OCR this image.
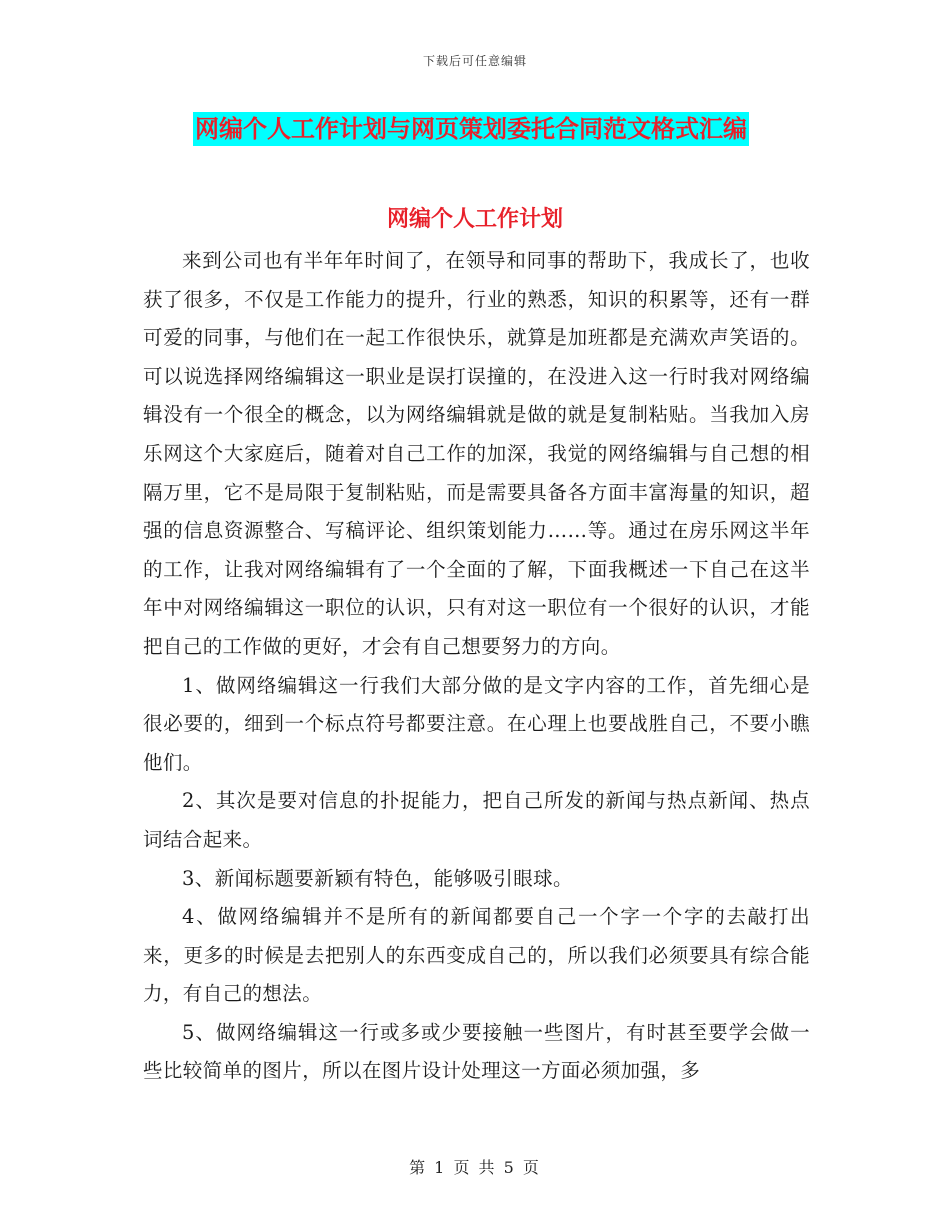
下载后可任意编辑
网编个人工作计划与网页策划委托合同范文格式汇编
网编个人工作计划

来到公司也有半年年时间了，在领导和同事的帮助下，我成长了，也收获了很多，不仅是工作能力的提升，行业的熟悉，知识的积累等，还有一群可爱的同事，与他们在一起工作很快乐，就算是加班都是充满欢声笑语的。可以说选择网络编辑这一职业是误打误撞的，在没进入这一行时我对网络编辑没有一个很全的概念，以为网络编辑就是做的就是复制粘贴。当我加入房乐网这个大家庭后，随着对自己工作的加深，我觉的网络编辑与自己想的相隔万里，它不是局限于复制粘贴，而是需要具备各方面丰富海量的知识，超强的信息资源整合、写稿评论、组织策划能力……等。通过在房乐网这半年的工作，让我对网络编辑有了一个全面的了解，下面我概述一下自己在这半年中对网络编辑这一职位的认识，只有对这一职位有一个很好的认识，才能把自己的工作做的更好，才会有自己想要努力的方向。

1、做网络编辑这一行我们大部分做的是文字内容的工作，首先细心是很必要的，细到一个标点符号都要注意。在心理上也要战胜自己，不要小瞧他们。

2、其次是要对信息的扑捉能力，把自己所发的新闻与热点新闻、热点词结合起来。

3、新闻标题要新颖有特色，能够吸引眼球。

4、做网络编辑并不是所有的新闻都要自己一个字一个字的去敲打出来，更多的时候是去把别人的东西变成自己的，所以我们必须要具有综合能力，有自己的想法。

5、做网络编辑这一行或多或少要接触一些图片，有时甚至要学会做一些比较简单的图片，所以在图片设计处理这一方面必须加强，多

第 1 页 共 5 页
